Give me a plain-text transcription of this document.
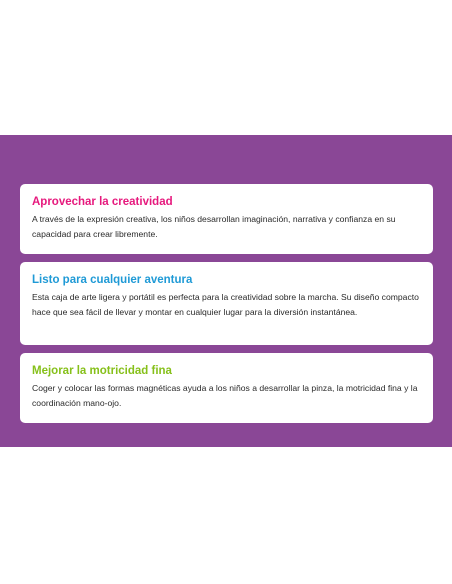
Aprovechar la creatividad
A través de la expresión creativa, los niños desarrollan imaginación, narrativa y confianza en su capacidad para crear libremente.
Listo para cualquier aventura
Esta caja de arte ligera y portátil es perfecta para la creatividad sobre la marcha. Su diseño compacto hace que sea fácil de llevar y montar en cualquier lugar para la diversión instantánea.
Mejorar la motricidad fina
Coger y colocar las formas magnéticas ayuda a los niños a desarrollar la pinza, la motricidad fina y la coordinación mano-ojo.
